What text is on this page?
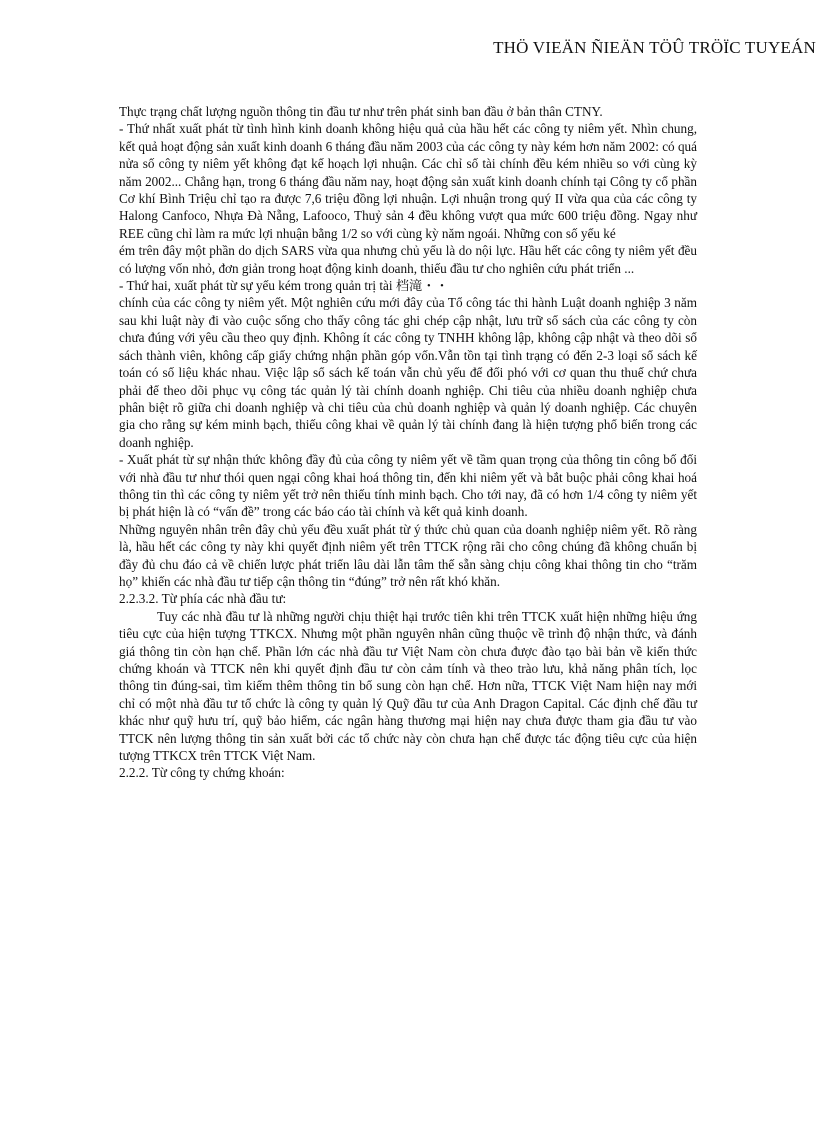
THÖ VIEÄN ÑIEÄN TÖÛ TRÖÏC TUYEÁN

Thực trạng chất lượng nguồn thông tin đầu tư như trên phát sinh ban đầu ở bản thân CTNY.

- Thứ nhất xuất phát từ tình hình kinh doanh không hiệu quả của hầu hết các công ty niêm yết. Nhìn chung, kết quả hoạt động sản xuất kinh doanh 6 tháng đầu năm 2003 của các công ty này kém hơn năm 2002: có quá nửa số công ty niêm yết không đạt kế hoạch lợi nhuận. Các chỉ số tài chính đều kém nhiều so với cùng kỳ năm 2002... Chẳng hạn, trong 6 tháng đầu năm nay, hoạt động sản xuất kinh doanh chính tại Công ty cổ phần Cơ khí Bình Triệu chỉ tạo ra được 7,6 triệu đồng lợi nhuận. Lợi nhuận trong quý II vừa qua của các công ty Halong Canfoco, Nhựa Đà Nẵng, Lafooco, Thuỷ sản 4 đều không vượt qua mức 600 triệu đồng. Ngay như REE cũng chỉ làm ra mức lợi nhuận bằng 1/2 so với cùng kỳ năm ngoái. Những con số yếu ké

ém trên đây một phần do dịch SARS vừa qua nhưng chủ yếu là do nội lực. Hầu hết các công ty niêm yết đều có lượng vốn nhỏ, đơn giản trong hoạt động kinh doanh, thiếu đầu tư cho nghiên cứu phát triển ...

- Thứ hai, xuất phát từ sự yếu kém trong quản trị tài 档滝・・

chính của các công ty niêm yết. Một nghiên cứu mới đây của Tổ công tác thi hành Luật doanh nghiệp 3 năm sau khi luật này đi vào cuộc sống cho thấy công tác ghi chép cập nhật, lưu trữ sổ sách của các công ty còn chưa đúng với yêu cầu theo quy định. Không ít các công ty TNHH không lập, không cập nhật và theo dõi sổ sách thành viên, không cấp giấy chứng nhận phần góp vốn.Vẫn tồn tại tình trạng có đến 2-3 loại sổ sách kế toán có số liệu khác nhau. Việc lập sổ sách kế toán vẫn chủ yếu để đối phó với cơ quan thu thuế chứ chưa phải để theo dõi phục vụ công tác quản lý tài chính doanh nghiệp. Chi tiêu của nhiều doanh nghiệp chưa phân biệt rõ giữa chi doanh nghiệp và chi tiêu của chủ doanh nghiệp và quản lý doanh nghiệp. Các chuyên gia cho rằng sự kém minh bạch, thiếu công khai về quản lý tài chính đang là hiện tượng phổ biến trong các doanh nghiệp.

- Xuất phát từ sự nhận thức không đầy đủ của công ty niêm yết về tầm quan trọng của thông tin công bố đối với nhà đầu tư như thói quen ngại công khai hoá thông tin, đến khi niêm yết và bắt buộc phải công khai hoá thông tin thì các công ty niêm yết trở nên thiếu tính minh bạch. Cho tới nay, đã có hơn 1/4 công ty niêm yết bị phát hiện là có “vấn đề” trong các báo cáo tài chính và kết quả kinh doanh.

Những nguyên nhân trên đây chủ yếu đều xuất phát từ ý thức chủ quan của doanh nghiệp niêm yết. Rõ ràng là, hầu hết các công ty này khi quyết định niêm yết trên TTCK rộng rãi cho công chúng đã không chuẩn bị đầy đủ chu đáo cả về chiến lược phát triển lâu dài lẫn tâm thế sẵn sàng chịu công khai thông tin cho “trăm họ” khiến các nhà đầu tư tiếp cận thông tin “đúng” trở nên rất khó khăn.

2.2.3.2. Từ phía các nhà đầu tư:

Tuy các nhà đầu tư là những người chịu thiệt hại trước tiên khi trên TTCK xuất hiện những hiệu ứng tiêu cực của hiện tượng TTKCX. Nhưng một phần nguyên nhân cũng thuộc về trình độ nhận thức, và đánh giá thông tin còn hạn chế. Phần lớn các nhà đầu tư Việt Nam còn chưa được đào tạo bài bản về kiến thức chứng khoán và TTCK nên khi quyết định đầu tư còn cảm tính và theo trào lưu, khả năng phân tích, lọc thông tin đúng-sai, tìm kiếm thêm thông tin bổ sung còn hạn chế. Hơn nữa, TTCK Việt Nam hiện nay mới chỉ có một nhà đầu tư tổ chức là công ty quản lý Quỹ đầu tư của Anh Dragon Capital. Các định chế đầu tư khác như quỹ hưu trí, quỹ bảo hiểm, các ngân hàng thương mại hiện nay chưa được tham gia đầu tư vào TTCK nên lượng thông tin sản xuất bởi các tổ chức này còn chưa hạn chế được tác động tiêu cực của hiện tượng TTKCX trên TTCK Việt Nam.

2.2.2. Từ công ty chứng khoán:
